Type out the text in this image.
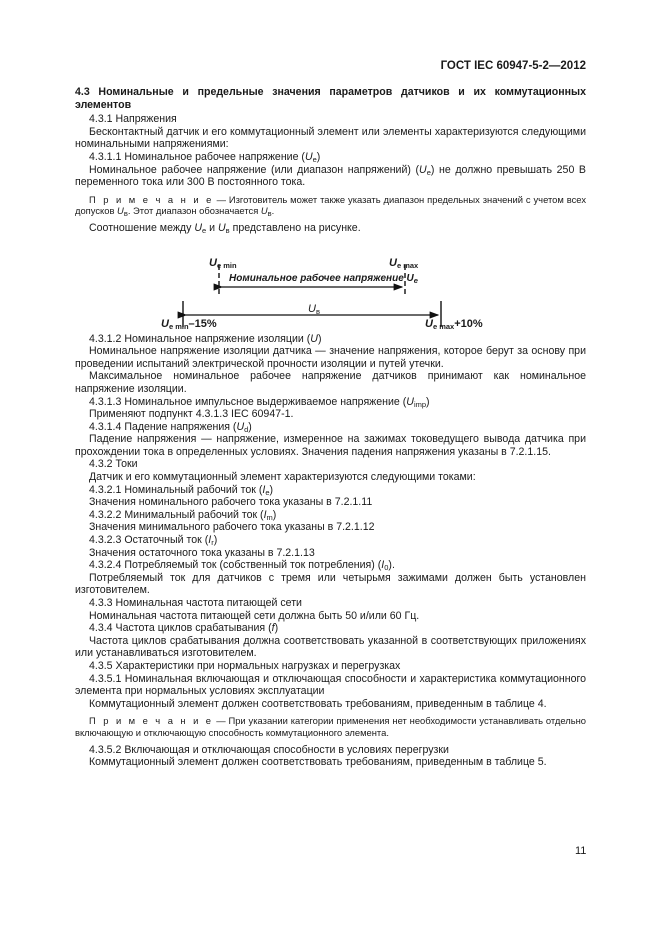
ГОСТ IEC 60947-5-2—2012

4.3 Номинальные и предельные значения параметров датчиков и их коммутационных элементов

4.3.1 Напряжения

Бесконтактный датчик и его коммутационный элемент или элементы характеризуются следующими номинальными напряжениями:

4.3.1.1 Номинальное рабочее напряжение $(U_e)$

Номинальное рабочее напряжение (или диапазон напряжений) $(U_e)$ не должно превышать 250 В переменного тока или 300 В постоянного тока.

П р и м е ч а н и е — Изготовитель может также указать диапазон предельных значений с учетом всех допусков $U_в$. Этот диапазон обозначается $U_в$.

Соотношение между $U_e$ и $U_в$ представлено на рисунке.

$U_{e min}$	$U_{e max}$
Номинальное рабочее напряжение $U_e$
$U_в$
$U_{e min}-15\%$	$U_{e max}+10\%$

4.3.1.2 Номинальное напряжение изоляции (U)

Номинальное напряжение изоляции датчика — значение напряжения, которое берут за основу при проведении испытаний электрической прочности изоляции и путей утечки.

Максимальное номинальное рабочее напряжение датчиков принимают как номинальное напряжение изоляции.

4.3.1.3 Номинальное импульсное выдерживаемое напряжение $(U_{imp})$

Применяют подпункт 4.3.1.3 IEC 60947-1.

4.3.1.4 Падение напряжения $(U_d)$

Падение напряжения — напряжение, измеренное на зажимах токоведущего вывода датчика при прохождении тока в определенных условиях. Значения падения напряжения указаны в 7.2.1.15.

4.3.2 Токи

Датчик и его коммутационный элемент характеризуются следующими токами:

4.3.2.1 Номинальный рабочий ток $(I_e)$

Значения номинального рабочего тока указаны в 7.2.1.11

4.3.2.2 Минимальный рабочий ток $(I_m)$

Значения минимального рабочего тока указаны в 7.2.1.12

4.3.2.3 Остаточный ток $(I_r)$

Значения остаточного тока указаны в 7.2.1.13

4.3.2.4 Потребляемый ток (собственный ток потребления) $(I_0)$.

Потребляемый ток для датчиков с тремя или четырьмя зажимами должен быть установлен изготовителем.

4.3.3 Номинальная частота питающей сети

Номинальная частота питающей сети должна быть 50 и/или 60 Гц.

4.3.4 Частота циклов срабатывания (f)

Частота циклов срабатывания должна соответствовать указанной в соответствующих приложениях или устанавливаться изготовителем.

4.3.5 Характеристики при нормальных нагрузках и перегрузках

4.3.5.1 Номинальная включающая и отключающая способности и характеристика коммутационного элемента при нормальных условиях эксплуатации

Коммутационный элемент должен соответствовать требованиям, приведенным в таблице 4.

П р и м е ч а н и е — При указании категории применения нет необходимости устанавливать отдельно включающую и отключающую способность коммутационного элемента.

4.3.5.2 Включающая и отключающая способности в условиях перегрузки

Коммутационный элемент должен соответствовать требованиям, приведенным в таблице 5.

11
